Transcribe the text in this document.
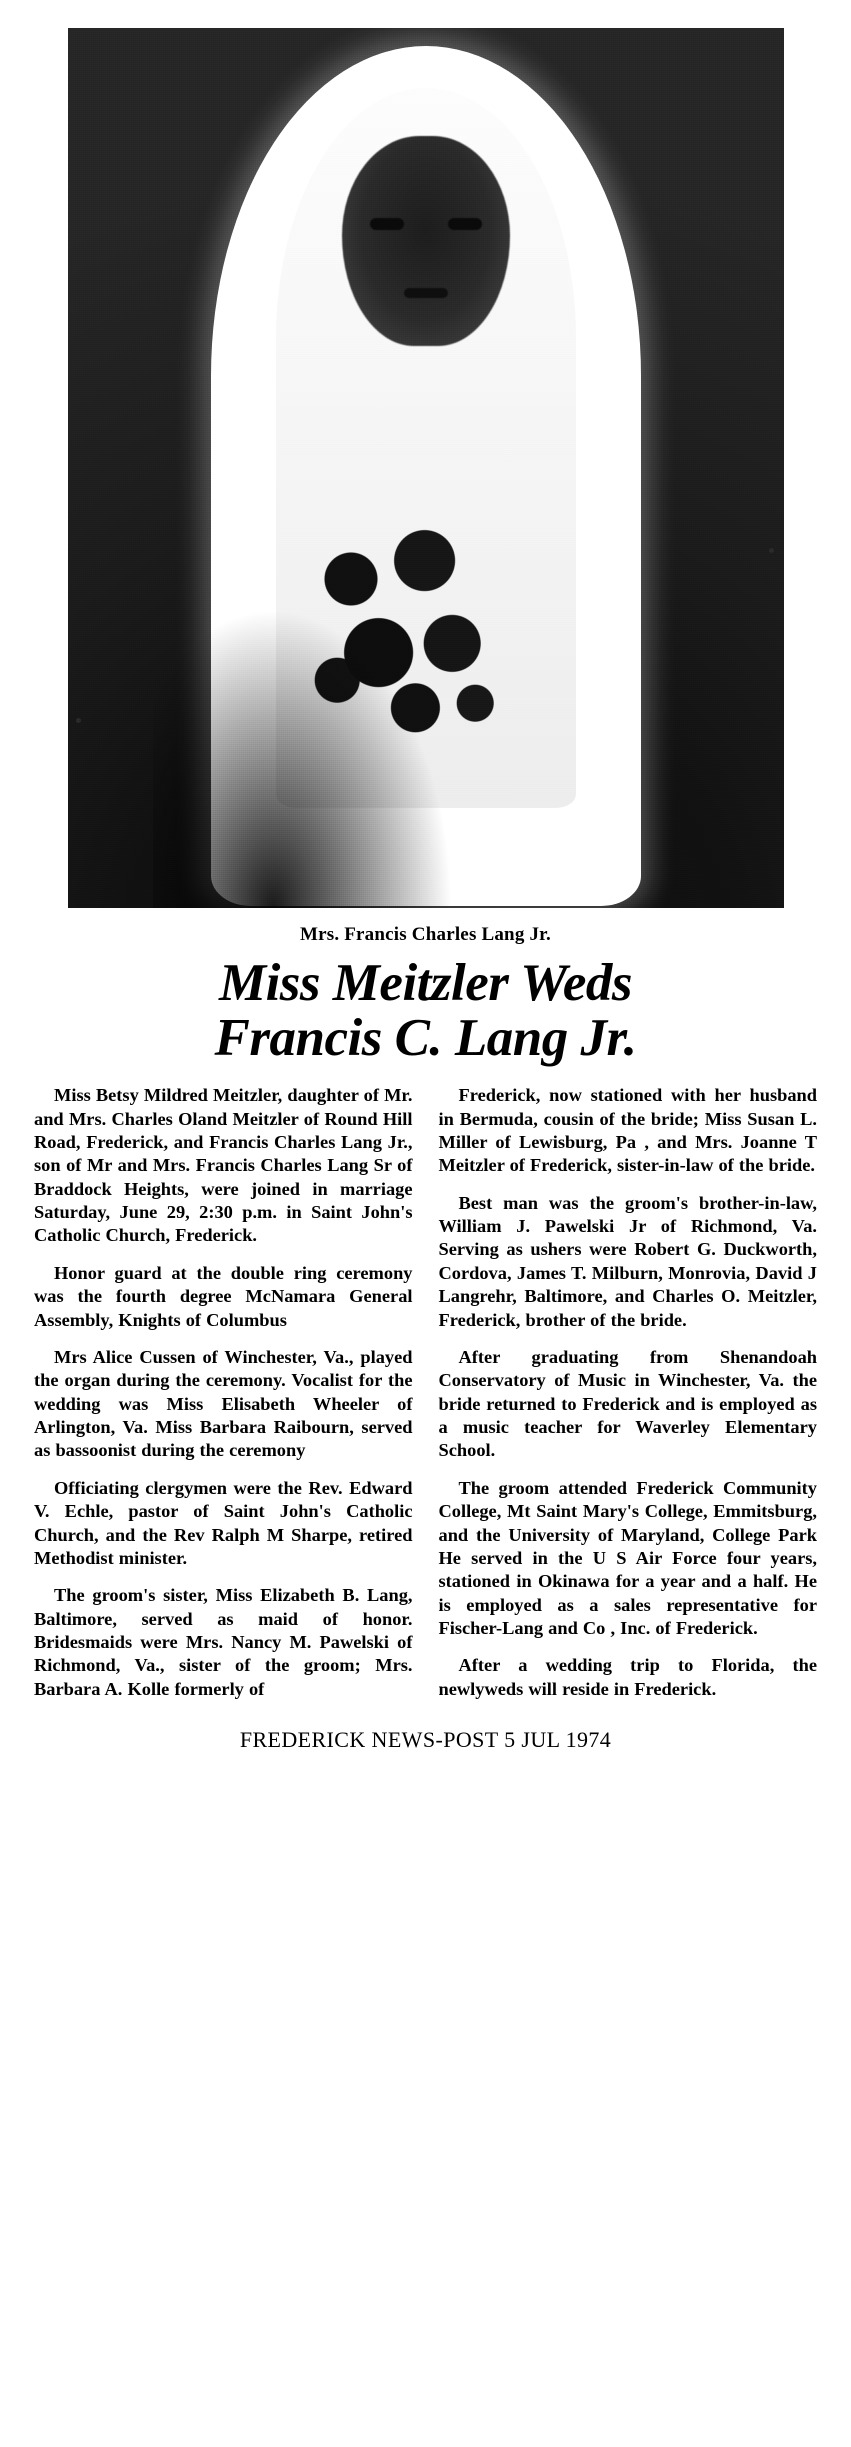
Mrs. Francis Charles Lang Jr.
Miss Meitzler Weds
Francis C. Lang Jr.

Miss Betsy Mildred Meitzler, daughter of Mr. and Mrs. Charles Oland Meitzler of Round Hill Road, Frederick, and Francis Charles Lang Jr., son of Mr and Mrs. Francis Charles Lang Sr of Braddock Heights, were joined in marriage Saturday, June 29, 2:30 p.m. in Saint John's Catholic Church, Frederick.

Honor guard at the double ring ceremony was the fourth degree McNamara General Assembly, Knights of Columbus

Mrs Alice Cussen of Winchester, Va., played the organ during the ceremony. Vocalist for the wedding was Miss Elisabeth Wheeler of Arlington, Va. Miss Barbara Raibourn, served as bassoonist during the ceremony

Officiating clergymen were the Rev. Edward V. Echle, pastor of Saint John's Catholic Church, and the Rev Ralph M Sharpe, retired Methodist minister.

The groom's sister, Miss Elizabeth B. Lang, Baltimore, served as maid of honor. Bridesmaids were Mrs. Nancy M. Pawelski of Richmond, Va., sister of the groom; Mrs. Barbara A. Kolle formerly of

Frederick, now stationed with her husband in Bermuda, cousin of the bride; Miss Susan L. Miller of Lewisburg, Pa , and Mrs. Joanne T Meitzler of Frederick, sister-in-law of the bride.

Best man was the groom's brother-in-law, William J. Pawelski Jr of Richmond, Va. Serving as ushers were Robert G. Duckworth, Cordova, James T. Milburn, Monrovia, David J Langrehr, Baltimore, and Charles O. Meitzler, Frederick, brother of the bride.

After graduating from Shenandoah Conservatory of Music in Winchester, Va. the bride returned to Frederick and is employed as a music teacher for Waverley Elementary School.

The groom attended Frederick Community College, Mt Saint Mary's College, Emmitsburg, and the University of Maryland, College Park He served in the U S Air Force four years, stationed in Okinawa for a year and a half. He is employed as a sales representative for Fischer-Lang and Co , Inc. of Frederick.

After a wedding trip to Florida, the newlyweds will reside in Frederick.

FREDERICK NEWS-POST 5 JUL 1974
